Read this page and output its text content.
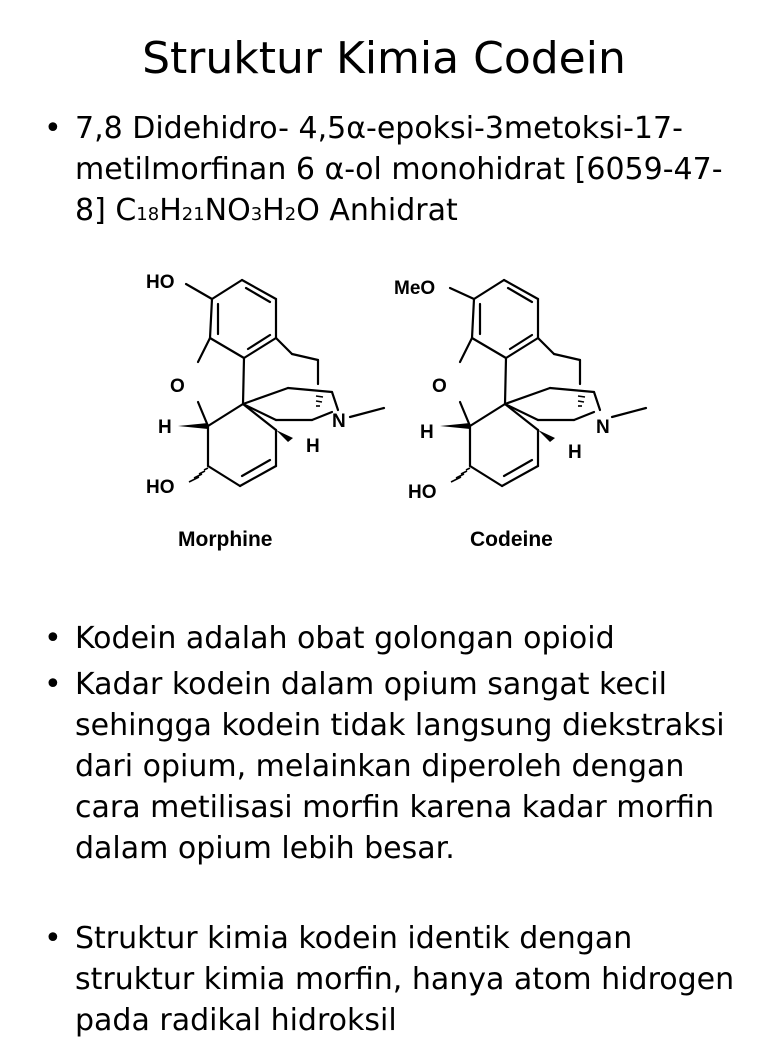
Struktur Kimia Codein
• 7,8 Didehidro- 4,5α-epoksi-3metoksi-17-metilmorfinan 6 α-ol monohidrat [6059-47-8] C18H21NO3H2O Anhidrat
HO
O
H
H
N
HO
Morphine
MeO
O
H
H
N
HO
Codeine
• Kodein adalah obat golongan opioid
• Kadar kodein dalam opium sangat kecil sehingga kodein tidak langsung diekstraksi dari opium, melainkan diperoleh dengan cara metilisasi morfin karena kadar morfin dalam opium lebih besar.
• Struktur kimia kodein identik dengan struktur kimia morfin, hanya atom hidrogen pada radikal hidroksil
